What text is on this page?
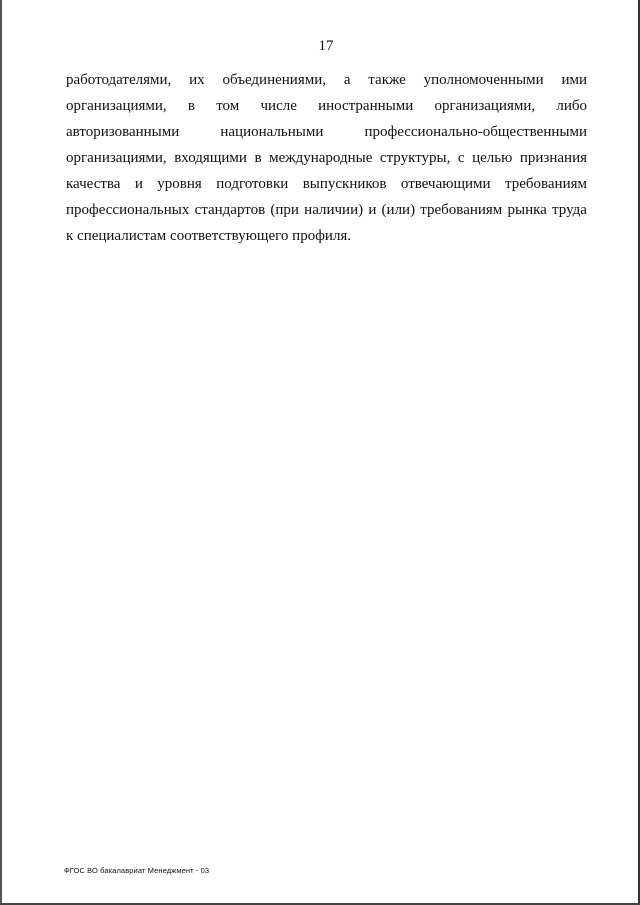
17
работодателями, их объединениями, а также уполномоченными ими
организациями, в том числе иностранными организациями, либо
авторизованными	национальными	профессионально-общественными
организациями, входящими в международные структуры, с целью признания
качества и уровня подготовки выпускников отвечающими требованиям
профессиональных стандартов (при наличии) и (или) требованиям рынка труда
к специалистам соответствующего профиля.
ФГОС ВО бакалавриат Менеджмент - 03
